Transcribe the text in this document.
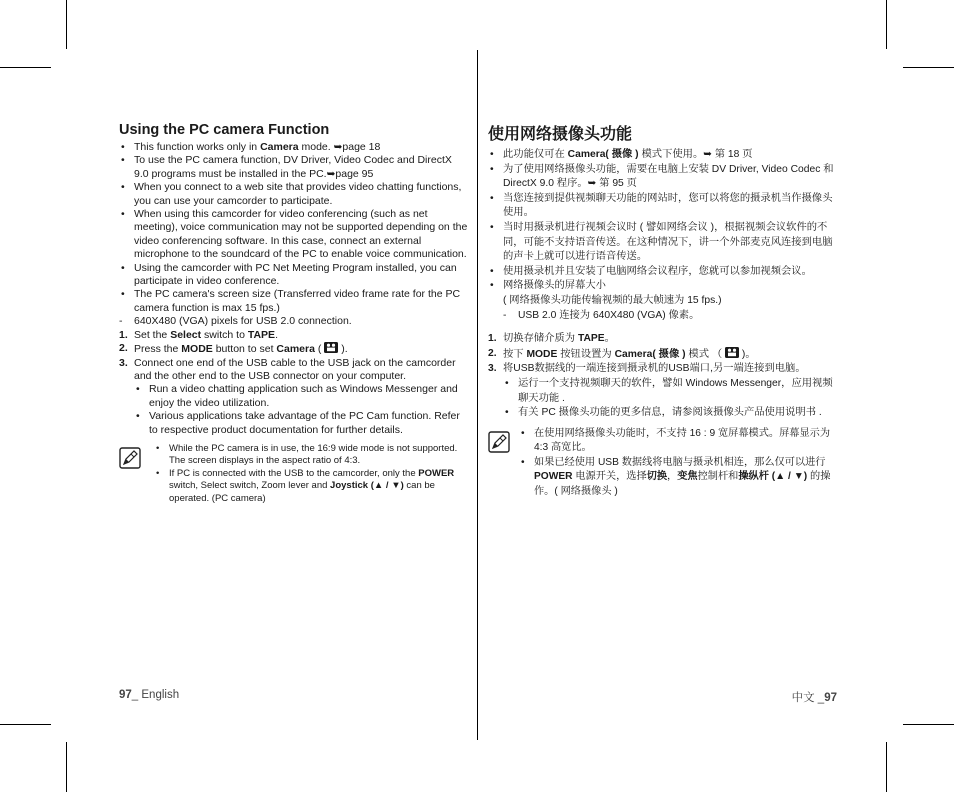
Using the PC camera Function
• This function works only in Camera mode. ➥page 18
• To use the PC camera function, DV Driver, Video Codec and DirectX 9.0 programs must be installed in the PC.➥page 95
• When you connect to a web site that provides video chatting functions, you can use your camcorder to participate.
• When using this camcorder for video conferencing (such as net meeting), voice communication may not be supported depending on the video conferencing software. In this case, connect an external microphone to the soundcard of the PC to enable voice communication.
• Using the camcorder with PC Net Meeting Program installed, you can participate in video conference.
• The PC camera's screen size (Transferred video frame rate for the PC camera function is max 15 fps.)
- 640X480 (VGA) pixels for USB 2.0 connection.
1. Set the Select switch to TAPE.
2. Press the MODE button to set Camera (  ).
3. Connect one end of the USB cable to the USB jack on the camcorder and the other end to the USB connector on your computer.
• Run a video chatting application such as Windows Messenger and enjoy the video utilization.
• Various applications take advantage of the PC Cam function. Refer to respective product documentation for further details.
• While the PC camera is in use, the 16:9 wide mode is not supported. The screen displays in the aspect ratio of 4:3.
• If PC is connected with the USB to the camcorder, only the POWER switch, Select switch, Zoom lever and Joystick (▲ / ▼) can be operated. (PC camera)
使用网络摄像头功能
• 此功能仅可在 Camera( 摄像 ) 模式下使用。➥ 第 18 页
• 为了使用网络摄像头功能，需要在电脑上安装 DV Driver, Video Codec 和 DirectX 9.0 程序。➥ 第 95 页
• 当您连接到提供视频聊天功能的网站时，您可以将您的摄录机当作摄像头使用。
• 当时用摄录机进行视频会议时 ( 譬如网络会议 )，根据视频会议软件的不同，可能不支持语音传送。在这种情况下，讲一个外部麦克风连接到电脑的声卡上就可以进行语音传送。
• 使用摄录机并且安装了电脑网络会议程序，您就可以参加视频会议。
• 网络摄像头的屏幕大小
( 网络摄像头功能传输视频的最大帧速为 15 fps.)
- USB 2.0 连接为 640X480 (VGA) 像素。
1. 切换存储介质为 TAPE。
2. 按下 MODE 按钮设置为 Camera( 摄像 ) 模式 （  )。
3. 将USB数据线的一端连接到摄录机的USB端口,另一端连接到电脑。
• 运行一个支持视频聊天的软件，譬如 Windows Messenger，应用视频聊天功能 .
• 有关 PC 摄像头功能的更多信息，请参阅该摄像头产品使用说明书 .
• 在使用网络摄像头功能时，不支持 16 : 9 宽屏幕模式。屏幕显示为 4:3 高宽比。
• 如果已经使用 USB 数据线将电脑与摄录机相连，那么仅可以进行 POWER 电源开关，选择切换，变焦控制杆和操纵杆 (▲ / ▼) 的操作。( 网络摄像头 )
97_ English	中文 _97
